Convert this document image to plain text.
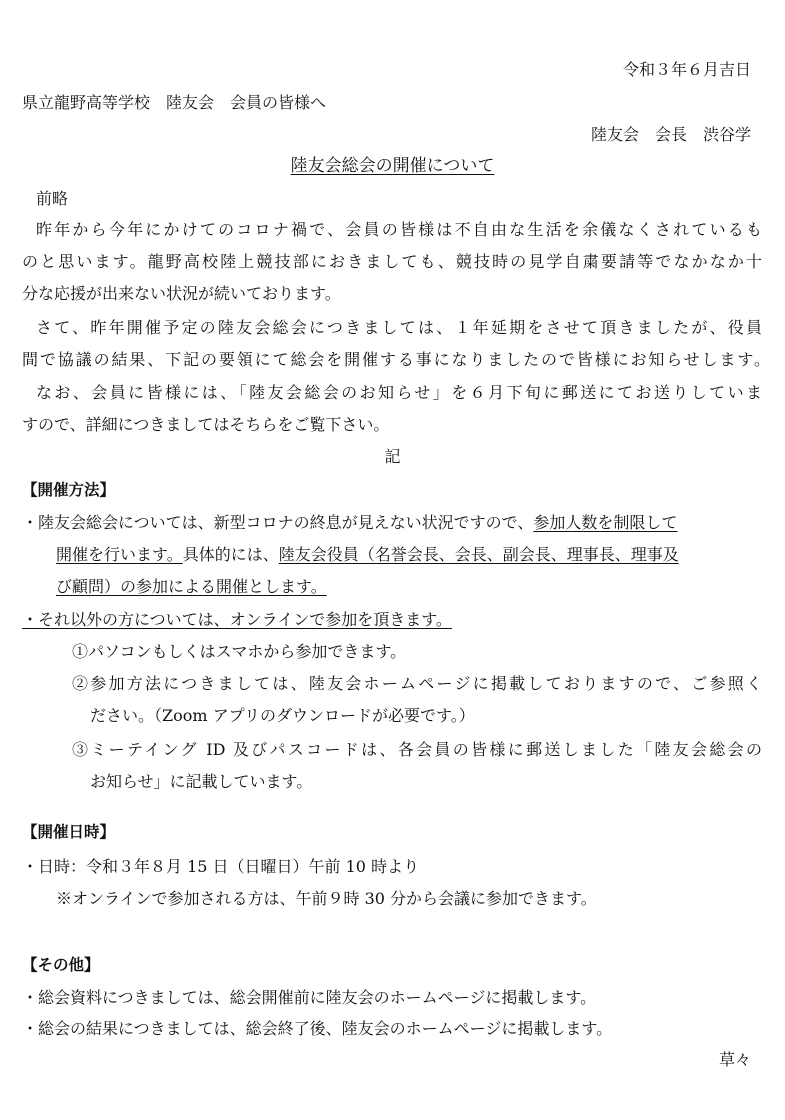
令和３年６月吉日
県立龍野高等学校　陸友会　会員の皆様へ
陸友会　会長　渋谷学
陸友会総会の開催について
前略
昨年から今年にかけてのコロナ禍で、会員の皆様は不自由な生活を余儀なくされているも
のと思います。龍野高校陸上競技部におきましても、競技時の見学自粛要請等でなかなか十
分な応援が出来ない状況が続いております。
さて、昨年開催予定の陸友会総会につきましては、１年延期をさせて頂きましたが、役員
間で協議の結果、下記の要領にて総会を開催する事になりましたので皆様にお知らせします。
なお、会員に皆様には、「陸友会総会のお知らせ」を６月下旬に郵送にてお送りしていま
すので、詳細につきましてはそちらをご覧下さい。
記
【開催方法】
・陸友会総会については、新型コロナの終息が見えない状況ですので、参加人数を制限して
開催を行います。具体的には、陸友会役員（名誉会長、会長、副会長、理事長、理事及
び顧問）の参加による開催とします。
・それ以外の方については、オンラインで参加を頂きます。
①パソコンもしくはスマホから参加できます。
②参加方法につきましては、陸友会ホームページに掲載しておりますので、ご参照く
ださい。（Zoom アプリのダウンロードが必要です。）
③ミーテイング ID 及びパスコードは、各会員の皆様に郵送しました「陸友会総会の
お知らせ」に記載しています。
【開催日時】
・日時：令和３年８月 15 日（日曜日）午前 10 時より
※オンラインで参加される方は、午前９時 30 分から会議に参加できます。
【その他】
・総会資料につきましては、総会開催前に陸友会のホームページに掲載します。
・総会の結果につきましては、総会終了後、陸友会のホームページに掲載します。
草々
